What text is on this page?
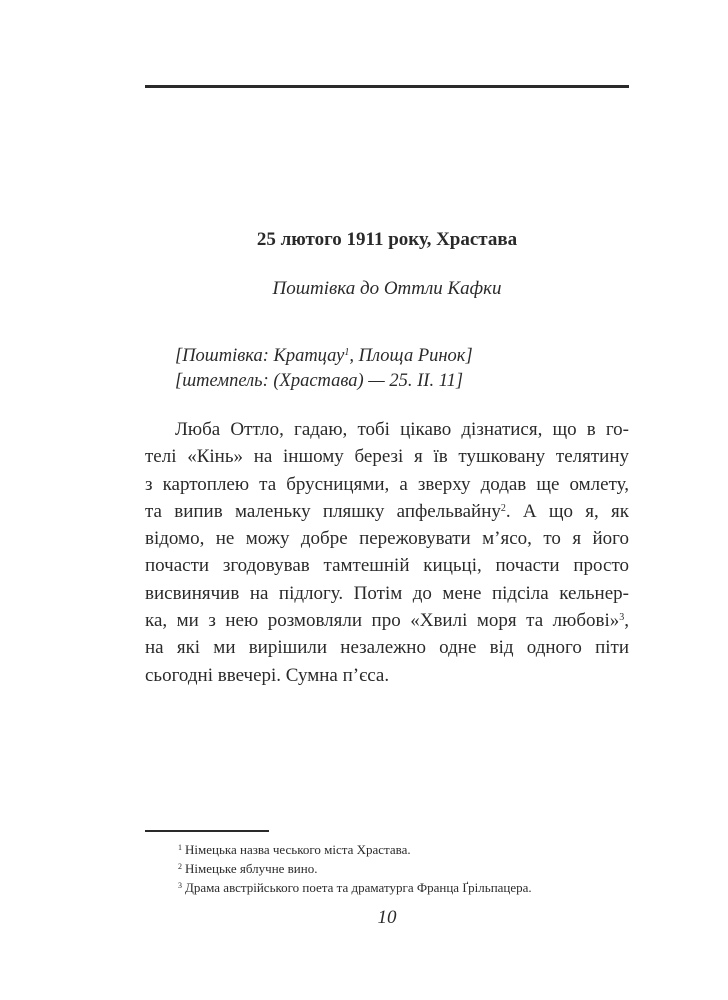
25 лютого 1911 року, Храстава
Поштівка до Оттли Кафки
[Поштівка: Кратцау$^1$, Площа Ринок]
[штемпель: (Храстава) — 25. II. 11]
Люба Оттло, гадаю, тобі цікаво дізнатися, що в го-
телі «Кінь» на іншому березі я їв тушковану телятину
з картоплею та брусницями, а зверху додав ще омлету,
та випив маленьку пляшку апфельвайну$^2$. А що я, як
відомо, не можу добре пережовувати м’ясо, то я його
почасти згодовував тамтешній кицьці, почасти просто
висвинячив на підлогу. Потім до мене підсіла кельнер-
ка, ми з нею розмовляли про «Хвилі моря та любові»$^3$,
на які ми вирішили незалежно одне від одного піти
сьогодні ввечері. Сумна п’єса.
$^1$ Німецька назва чеського міста Храстава.
$^2$ Німецьке яблучне вино.
$^3$ Драма австрійського поета та драматурга Франца Ґрільпацера.
10
